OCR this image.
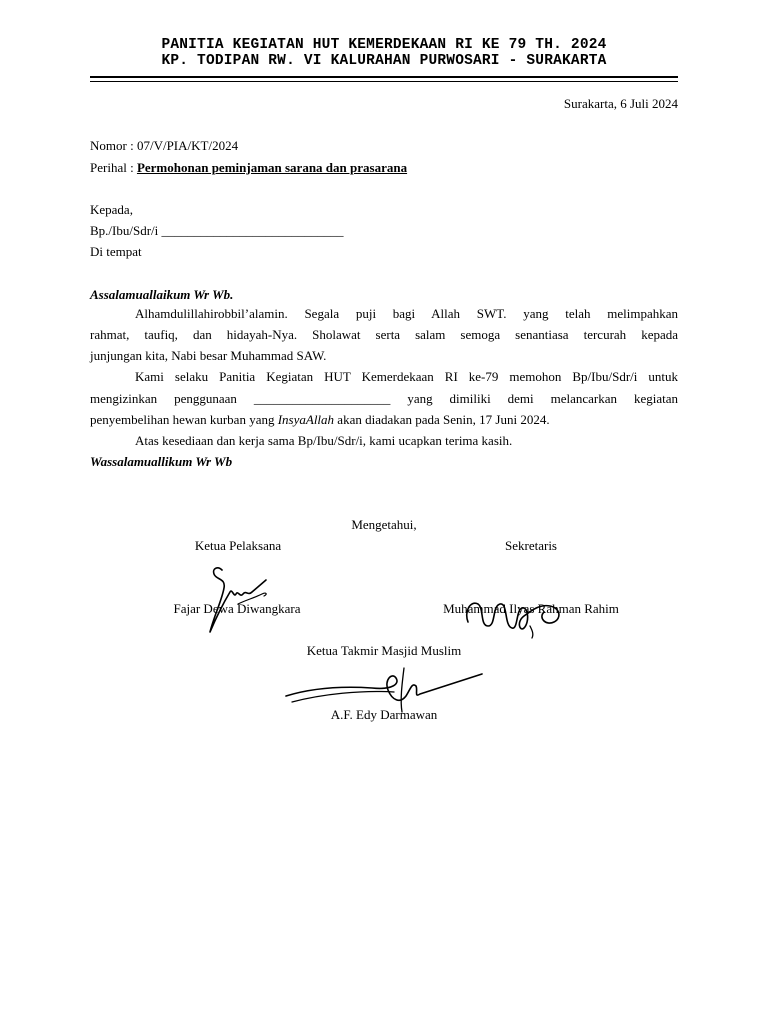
PANITIA KEGIATAN HUT KEMERDEKAAN RI KE 79 TH. 2024
KP. TODIPAN RW. VI KALURAHAN PURWOSARI - SURAKARTA
Surakarta, 6 Juli 2024
Nomor : 07/V/PIA/KT/2024
Perihal : Permohonan peminjaman sarana dan prasarana
Kepada,
Bp./Ibu/Sdr/i ____________________________
Di tempat
Assalamuallaikum Wr Wb.
Alhamdulillahirobbil’alamin. Segala puji bagi Allah SWT. yang telah melimpahkan
rahmat, taufiq, dan hidayah-Nya. Sholawat serta salam semoga senantiasa tercurah kepada
junjungan kita, Nabi besar Muhammad SAW.
Kami selaku Panitia Kegiatan HUT Kemerdekaan RI ke-79 memohon Bp/Ibu/Sdr/i untuk
mengizinkan penggunaan _____________________ yang dimiliki demi melancarkan kegiatan
penyembelihan hewan kurban yang InsyaAllah akan diadakan pada Senin, 17 Juni 2024.
Atas kesediaan dan kerja sama Bp/Ibu/Sdr/i, kami ucapkan terima kasih.
Wassalamuallikum Wr Wb
Mengetahui,
Ketua Pelaksana	Sekretaris
Fajar Dewa Diwangkara	Muhammad Ilyas Rahman Rahim
Ketua Takmir Masjid Muslim
A.F. Edy Darmawan
